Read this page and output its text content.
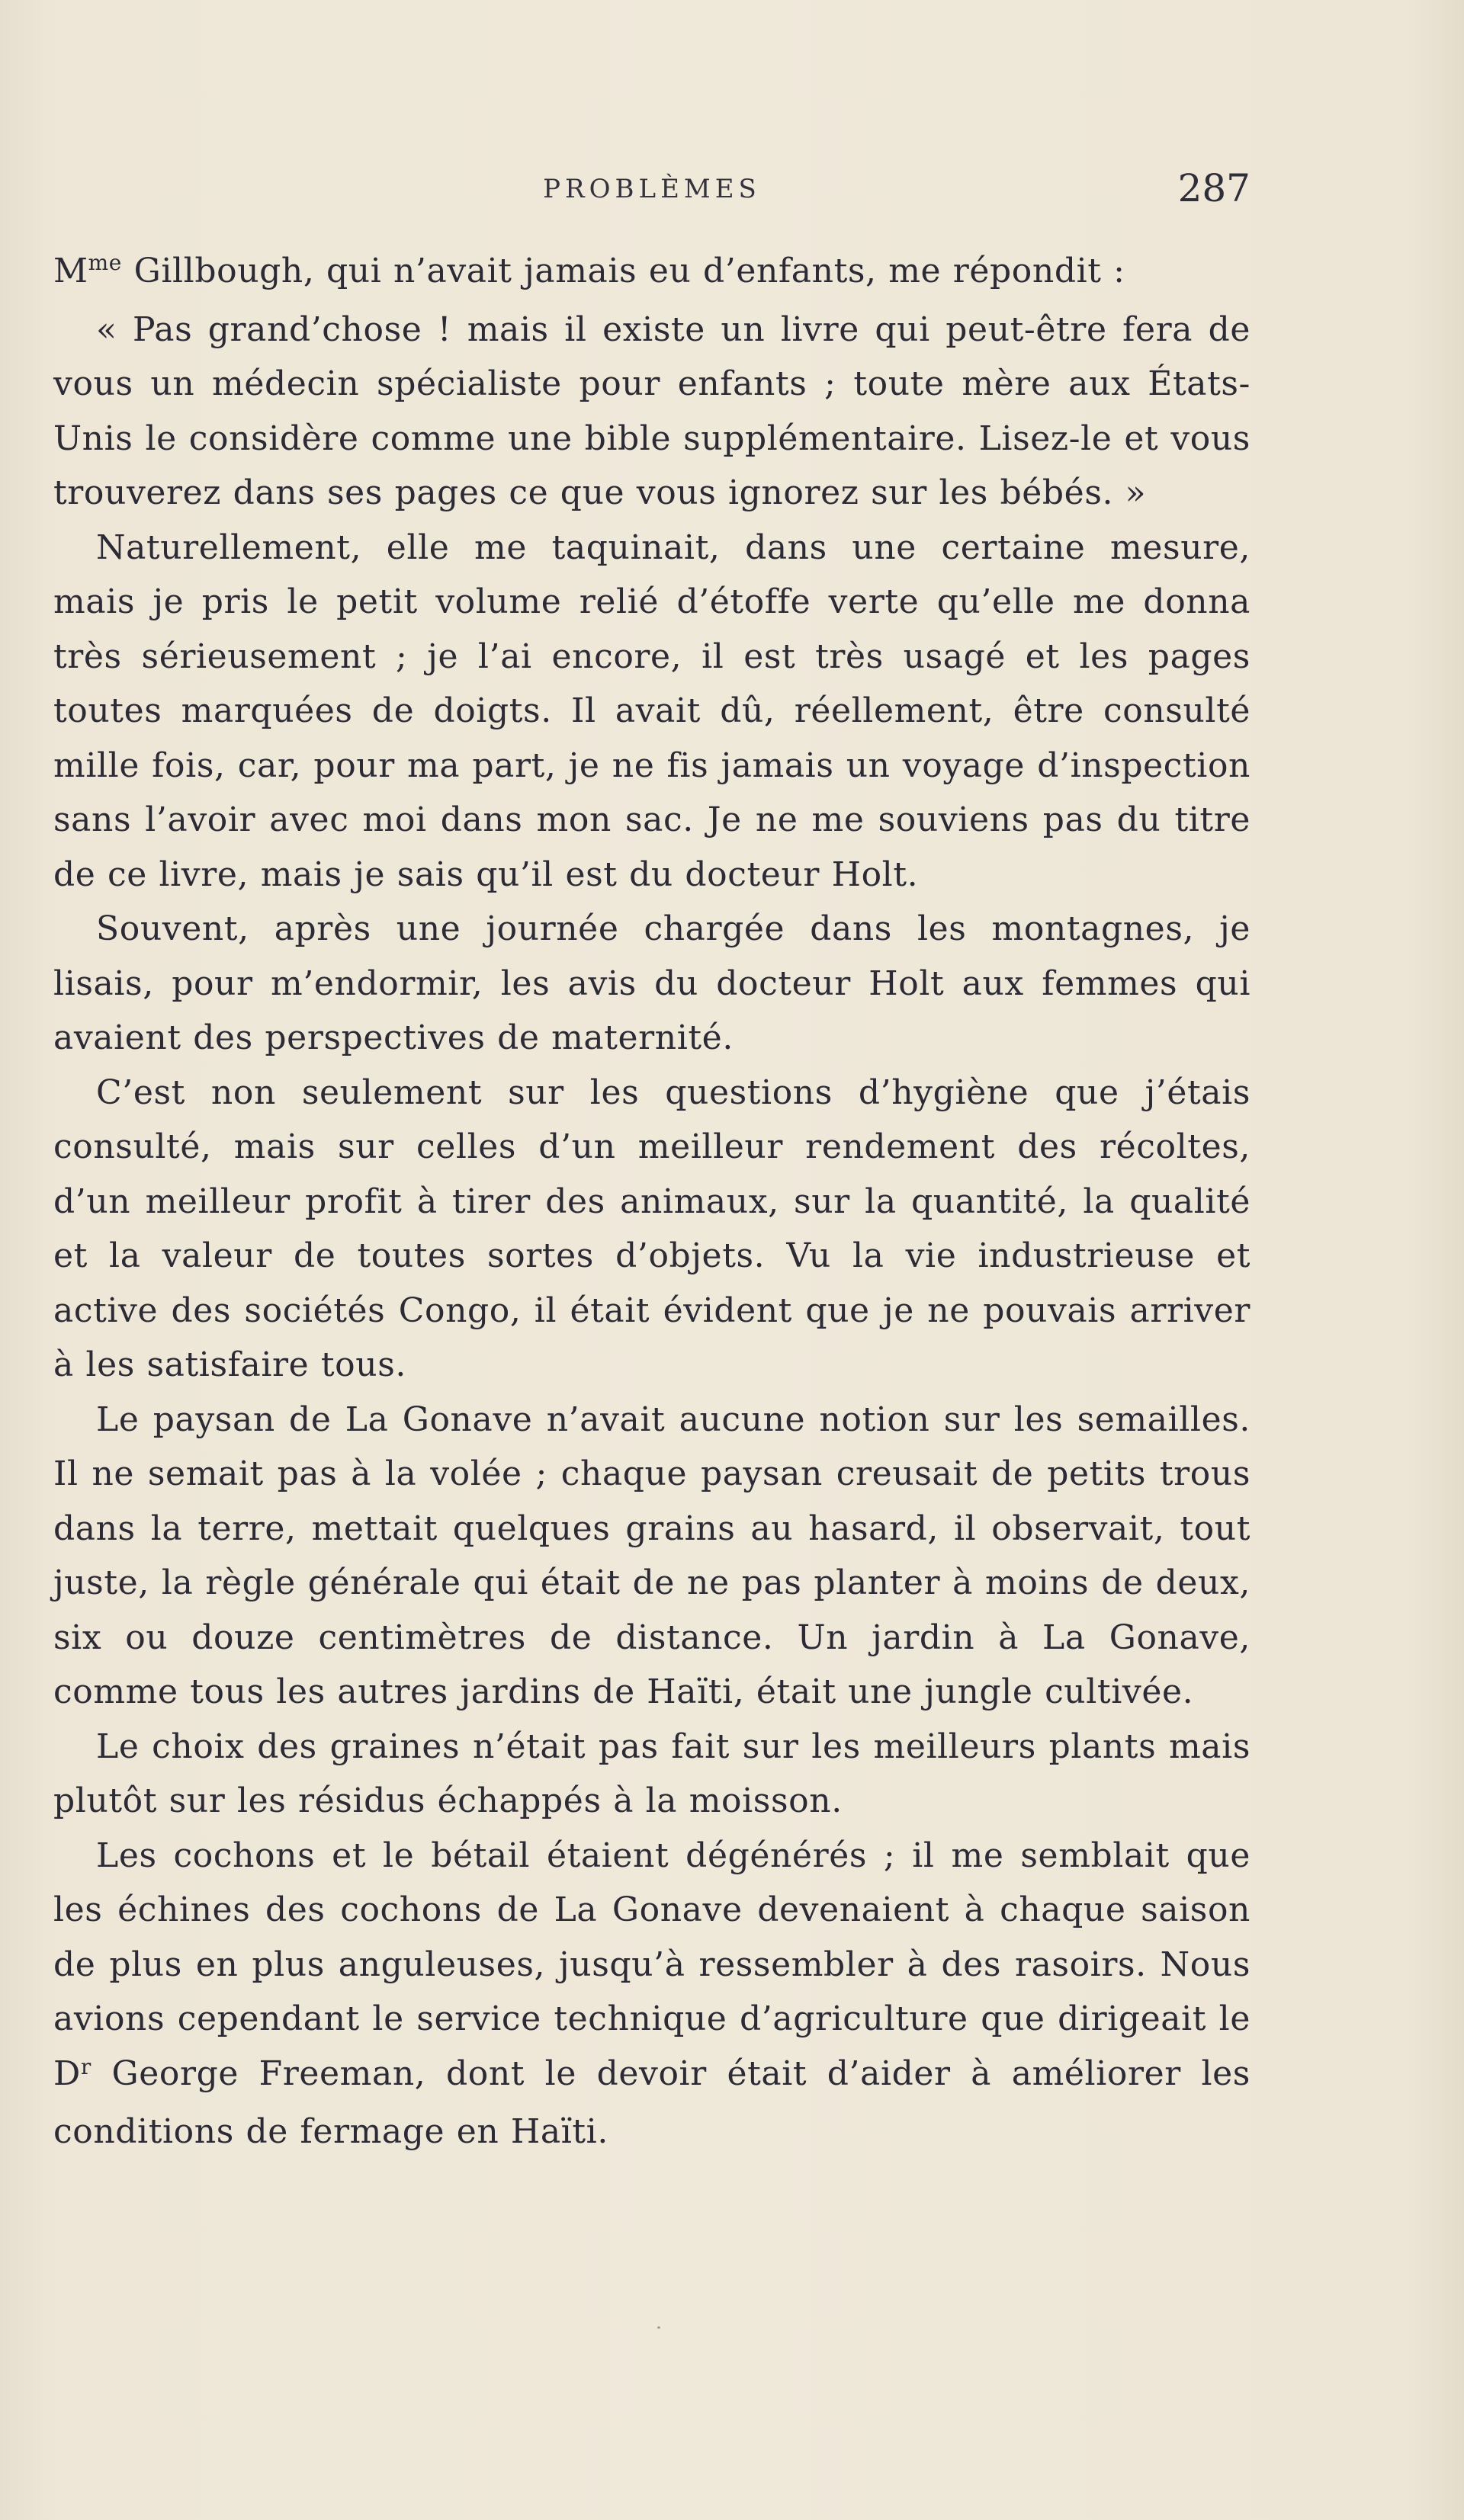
PROBLÈMES	287

$M^{me}$ Gillbough, qui n’avait jamais eu d’enfants, me répondit :

« Pas grand’chose ! mais il existe un livre qui peut-être fera de vous un médecin spécialiste pour enfants ; toute mère aux États-Unis le considère comme une bible supplémentaire. Lisez-le et vous trouverez dans ses pages ce que vous ignorez sur les bébés. »

Naturellement, elle me taquinait, dans une certaine mesure, mais je pris le petit volume relié d’étoffe verte qu’elle me donna très sérieusement ; je l’ai encore, il est très usagé et les pages toutes marquées de doigts. Il avait dû, réellement, être consulté mille fois, car, pour ma part, je ne fis jamais un voyage d’inspection sans l’avoir avec moi dans mon sac. Je ne me souviens pas du titre de ce livre, mais je sais qu’il est du docteur Holt.

Souvent, après une journée chargée dans les montagnes, je lisais, pour m’endormir, les avis du docteur Holt aux femmes qui avaient des perspectives de maternité.

C’est non seulement sur les questions d’hygiène que j’étais consulté, mais sur celles d’un meilleur rendement des récoltes, d’un meilleur profit à tirer des animaux, sur la quantité, la qualité et la valeur de toutes sortes d’objets. Vu la vie industrieuse et active des sociétés Congo, il était évident que je ne pouvais arriver à les satisfaire tous.

Le paysan de La Gonave n’avait aucune notion sur les semailles. Il ne semait pas à la volée ; chaque paysan creusait de petits trous dans la terre, mettait quelques grains au hasard, il observait, tout juste, la règle générale qui était de ne pas planter à moins de deux, six ou douze centimètres de distance. Un jardin à La Gonave, comme tous les autres jardins de Haïti, était une jungle cultivée.

Le choix des graines n’était pas fait sur les meilleurs plants mais plutôt sur les résidus échappés à la moisson.

Les cochons et le bétail étaient dégénérés ; il me semblait que les échines des cochons de La Gonave devenaient à chaque saison de plus en plus anguleuses, jusqu’à ressembler à des rasoirs. Nous avions cependant le service technique d’agriculture que dirigeait le $D^r$ George Freeman, dont le devoir était d’aider à améliorer les conditions de fermage en Haïti.
